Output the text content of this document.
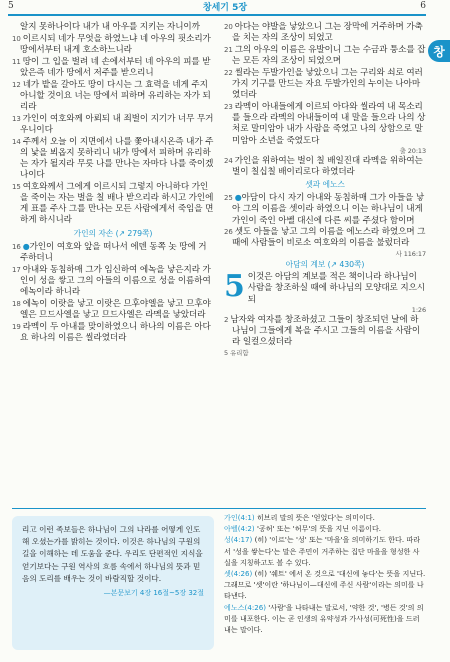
5	창세기 5장	6
창

알지 못하나이다 내가 내 아우를 지키는 자니이까

10 이르시되 네가 무엇을 하였느냐 네 아우의 핏소리가 땅에서부터 내게 호소하느니라

11 땅이 그 입을 벌려 네 손에서부터 네 아우의 피를 받았은즉 네가 땅에서 저주를 받으리니

12 네가 밭을 갈아도 땅이 다시는 그 효력을 네게 주지 아니할 것이요 너는 땅에서 피하며 유리하는 자가 되리라

13 가인이 여호와께 아뢰되 내 죄벌이 지기가 너무 무거우니이다

14 주께서 오늘 이 지면에서 나를 쫓아내시온즉 내가 주의 낯을 뵈옵지 못하리니 내가 땅에서 피하며 유리하는 자가 될지라 무릇 나를 만나는 자마다 나를 죽이겠나이다

15 여호와께서 그에게 이르시되 그렇지 아니하다 가인을 죽이는 자는 벌을 칠 배나 받으리라 하시고 가인에게 표를 주사 그를 만나는 모든 사람에게서 죽임을 면하게 하시니라

가인의 자손 (↗ 279쪽)

16 ●가인이 여호와 앞을 떠나서 에덴 동쪽 놋 땅에 거주하더니

17 아내와 동침하매 그가 임신하여 에녹을 낳은지라 가인이 성을 쌓고 그의 아들의 이름으로 성을 이름하여 에녹이라 하니라

18 에녹이 이랏을 낳고 이랏은 므후야엘을 낳고 므후야엘은 므드사엘을 낳고 므드사엘은 라멕을 낳았더라

19 라멕이 두 아내를 맞이하였으니 하나의 이름은 아다요 하나의 이름은 씰라였더라

20 아다는 야발을 낳았으니 그는 장막에 거주하며 가축을 치는 자의 조상이 되었고

21 그의 아우의 이름은 유발이니 그는 수금과 퉁소를 잡는 모든 자의 조상이 되었으며

22 씰라는 두발가인을 낳았으니 그는 구리와 쇠로 여러 가지 기구를 만드는 자요 두발가인의 누이는 나아마였더라

23 라멕이 아내들에게 이르되 아다와 씰라여 내 목소리를 들으라 라멕의 아내들이여 내 말을 들으라 나의 상처로 말미암아 내가 사람을 죽였고 나의 상함으로 말미암아 소년을 죽였도다

출 20:13

24 가인을 위하여는 벌이 칠 배일진대 라멕을 위하여는 벌이 칠십칠 배이리로다 하였더라

셋과 에노스

25 ●아담이 다시 자기 아내와 동침하매 그가 아들을 낳아 그의 이름을 셋이라 하였으니 이는 하나님이 내게 가인이 죽인 아벨 대신에 다른 씨를 주셨다 함이며

26 셋도 아들을 낳고 그의 이름을 에노스라 하였으며 그때에 사람들이 비로소 여호와의 이름을 불렀더라

사 116:17

아담의 계보 (↗ 430쪽)
5 이것은 아담의 계보를 적은 책이니라 하나님이 사람을 창조하실 때에 하나님의 모양대로 지으시되

1:26

2 남자와 여자를 창조하셨고 그들이 창조되던 날에 하나님이 그들에게 복을 주시고 그들의 이름을 사람이라 일컬으셨더라

5 유리함

리고 이런 족보들은 하나님이 그의 나라를 어떻게 인도해 오셨는가를 밝히는 것이다. 이것은 하나님의 구원의 길을 이해하는 데 도움을 준다. 우리도 단편적인 지식을 얻기보다는 구원 역사의 흐름 속에서 하나님의 뜻과 믿음의 도리를 배우는 것이 바람직할 것이다.
—본문보기 4장 16절~5장 32절

가인(4:1) 히브리 말의 뜻은 '얻었다'는 의미이다.

아벨(4:2) '공허' 또는 '허무'의 뜻을 지닌 이름이다.

성(4:17) (히) '이르'는 '성' 또는 '마을'을 의미하기도 한다. 따라서 '성을 쌓는다'는 말은 주민이 거주하는 집단 마을을 형성한 사실을 지칭하고도 볼 수 있다.

셋(4:26) (히) '쉐트' 에서 온 것으로 '대신에 놓다'는 뜻을 지닌다. 그래므로 '셋'이란 '하나님이—대신에 주신 사람'이라는 의미를 나타낸다.

에노스(4:26) '사람'을 나타내는 말로서, '약한 것', '병든 것'의 의미를 내포한다. 이는 곧 인생의 유약성과 가사성(可死性)을 드러내는 말이다.
